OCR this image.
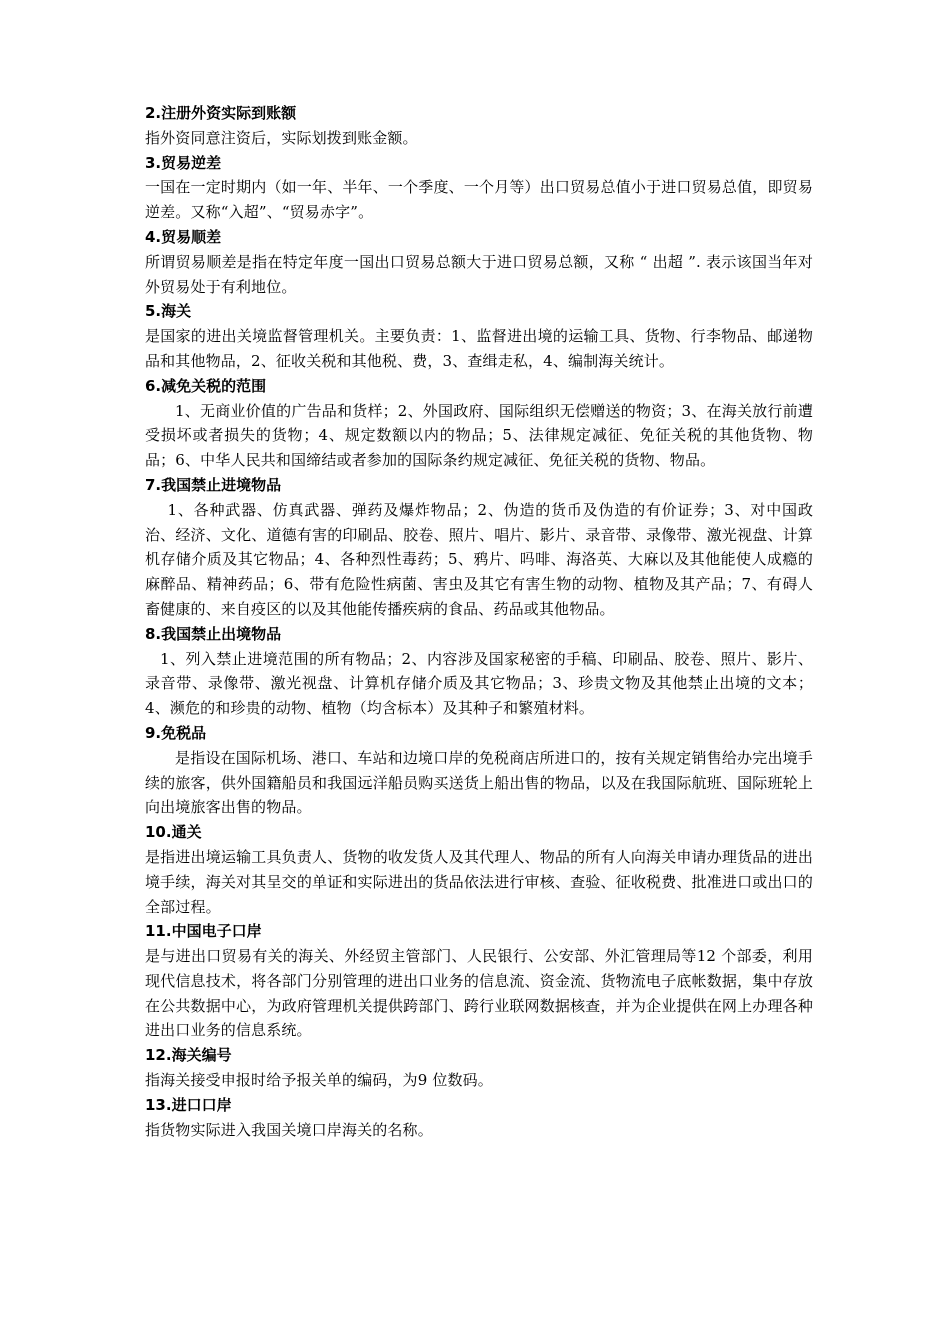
2.注册外资实际到账额

指外资同意注资后，实际划拨到账金额。

3.贸易逆差

一国在一定时期内（如一年、半年、一个季度、一个月等）出口贸易总值小于进口贸易总值，即贸易逆差。又称“入超”、“贸易赤字”。

4.贸易顺差

所谓贸易顺差是指在特定年度一国出口贸易总额大于进口贸易总额，又称 “ 出超 ”. 表示该国当年对外贸易处于有利地位。

5.海关

是国家的进出关境监督管理机关。主要负责：1、监督进出境的运输工具、货物、行李物品、邮递物品和其他物品，2、征收关税和其他税、费，3、查缉走私，4、编制海关统计。

6.减免关税的范围

1、无商业价值的广告品和货样；2、外国政府、国际组织无偿赠送的物资；3、在海关放行前遭受损坏或者损失的货物；4、规定数额以内的物品；5、法律规定减征、免征关税的其他货物、物品；6、中华人民共和国缔结或者参加的国际条约规定减征、免征关税的货物、物品。

7.我国禁止进境物品

1、各种武器、仿真武器、弹药及爆炸物品；2、伪造的货币及伪造的有价证券；3、对中国政治、经济、文化、道德有害的印刷品、胶卷、照片、唱片、影片、录音带、录像带、激光视盘、计算机存储介质及其它物品；4、各种烈性毒药；5、鸦片、吗啡、海洛英、大麻以及其他能使人成瘾的麻醉品、精神药品；6、带有危险性病菌、害虫及其它有害生物的动物、植物及其产品；7、有碍人畜健康的、来自疫区的以及其他能传播疾病的食品、药品或其他物品。

8.我国禁止出境物品

1、列入禁止进境范围的所有物品；2、内容涉及国家秘密的手稿、印刷品、胶卷、照片、影片、录音带、录像带、激光视盘、计算机存储介质及其它物品；3、珍贵文物及其他禁止出境的文本；4、濒危的和珍贵的动物、植物（均含标本）及其种子和繁殖材料。

9.免税品

是指设在国际机场、港口、车站和边境口岸的免税商店所进口的，按有关规定销售给办完出境手续的旅客，供外国籍船员和我国远洋船员购买送货上船出售的物品，以及在我国际航班、国际班轮上向出境旅客出售的物品。

10.通关

是指进出境运输工具负责人、货物的收发货人及其代理人、物品的所有人向海关申请办理货品的进出境手续，海关对其呈交的单证和实际进出的货品依法进行审核、查验、征收税费、批准进口或出口的全部过程。

11.中国电子口岸

是与进出口贸易有关的海关、外经贸主管部门、人民银行、公安部、外汇管理局等12 个部委，利用现代信息技术，将各部门分别管理的进出口业务的信息流、资金流、货物流电子底帐数据，集中存放在公共数据中心，为政府管理机关提供跨部门、跨行业联网数据核查，并为企业提供在网上办理各种进出口业务的信息系统。

12.海关编号

指海关接受申报时给予报关单的编码，为9 位数码。

13.进口口岸

指货物实际进入我国关境口岸海关的名称。
